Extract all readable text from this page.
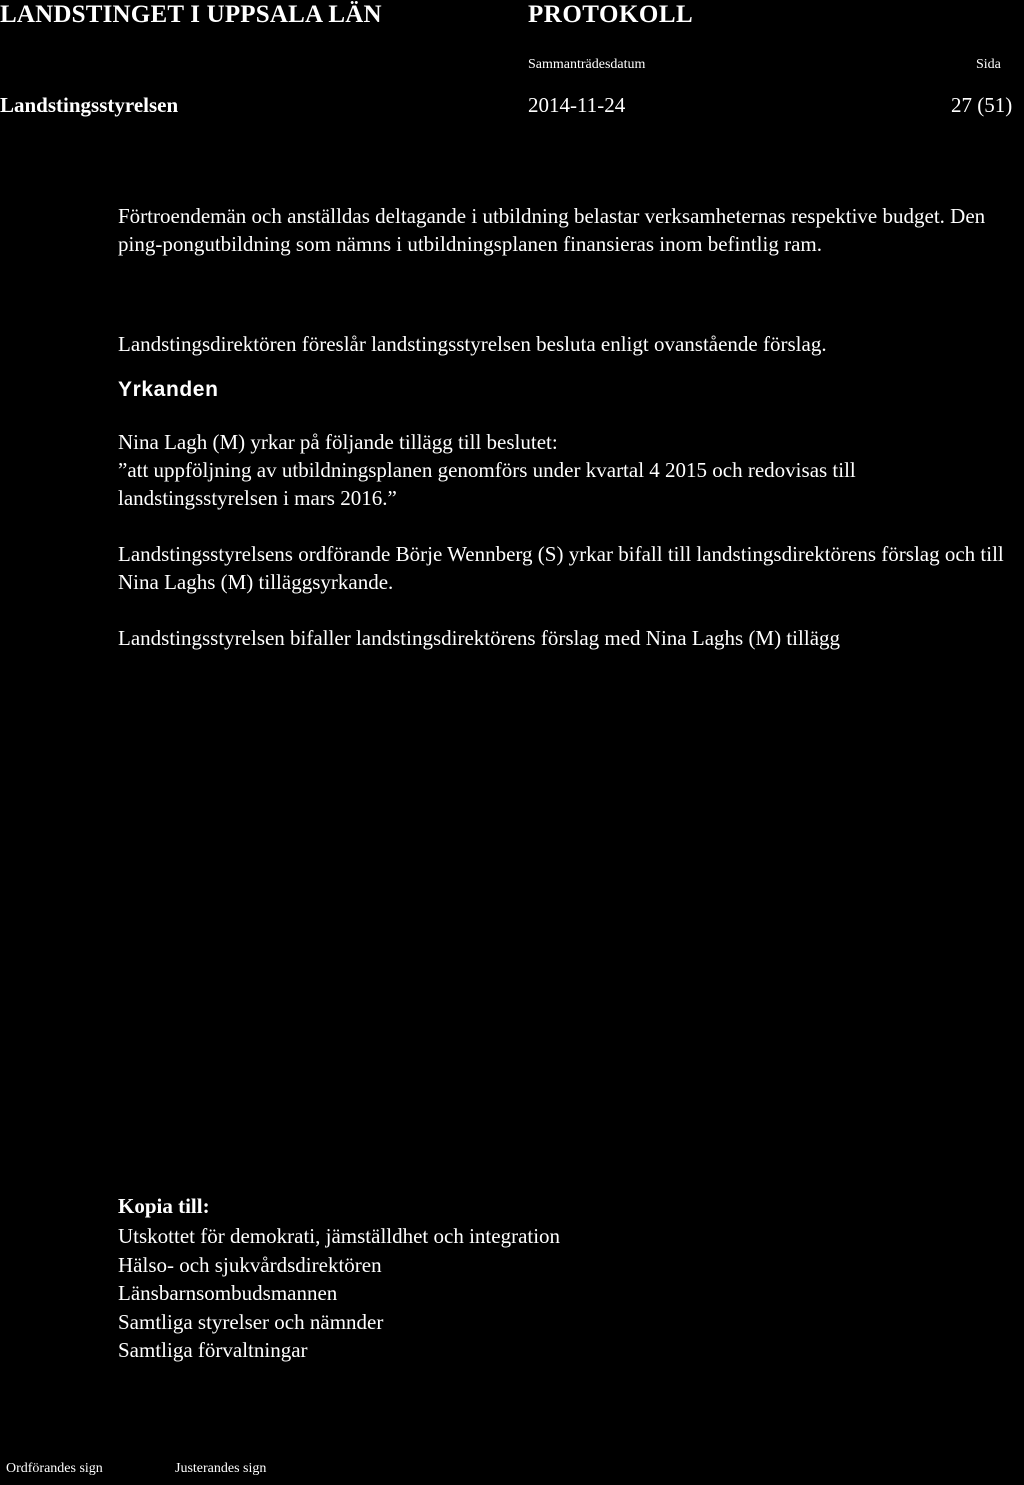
LANDSTINGET I UPPSALA LÄN	PROTOKOLL
Sammanträdesdatum	Sida
Landstingsstyrelsen	2014-11-24	27 (51)

Förtroendemän och anställdas deltagande i utbildning belastar verksamheternas respektive budget. Den ping-pongutbildning som nämns i utbildningsplanen finansieras inom befintlig ram.

Landstingsdirektören föreslår landstingsstyrelsen besluta enligt ovanstående förslag.

Yrkanden
Nina Lagh (M) yrkar på följande tillägg till beslutet:
”att uppföljning av utbildningsplanen genomförs under kvartal 4 2015 och redovisas till landstingsstyrelsen i mars 2016.”

Landstingsstyrelsens ordförande Börje Wennberg (S) yrkar bifall till landstingsdirektörens förslag och till Nina Laghs (M) tilläggsyrkande.

Landstingsstyrelsen bifaller landstingsdirektörens förslag med Nina Laghs (M) tillägg

Kopia till:
Utskottet för demokrati, jämställdhet och integration
Hälso- och sjukvårdsdirektören
Länsbarnsombudsmannen
Samtliga styrelser och nämnder
Samtliga förvaltningar
Ordförandes sign	Justerandes sign
